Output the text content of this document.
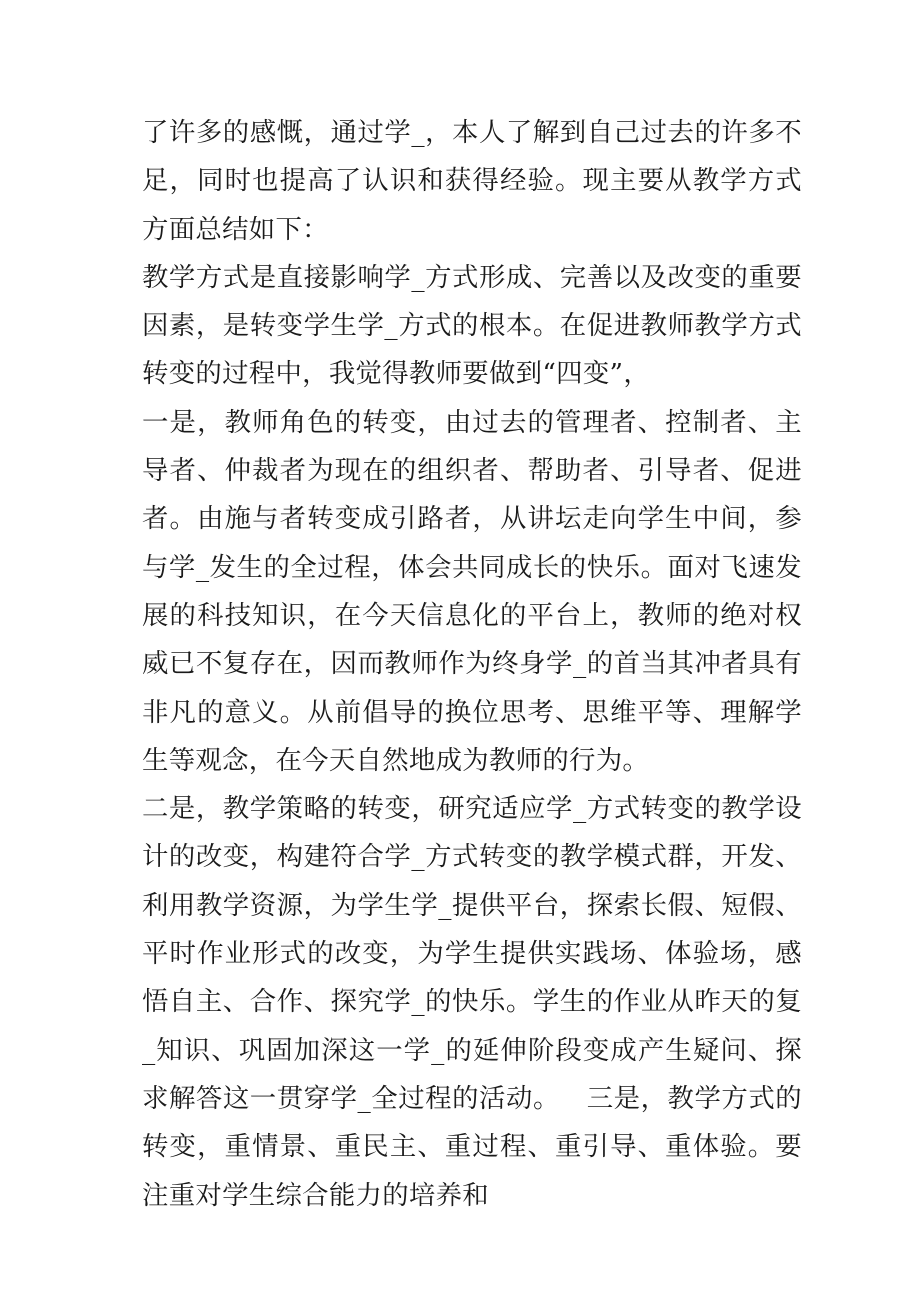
了许多的感慨，通过学_，本人了解到自己过去的许多不足，同时也提高了认识和获得经验。现主要从教学方式方面总结如下：

教学方式是直接影响学_方式形成、完善以及改变的重要因素，是转变学生学_方式的根本。在促进教师教学方式转变的过程中，我觉得教师要做到“四变”，

一是，教师角色的转变，由过去的管理者、控制者、主导者、仲裁者为现在的组织者、帮助者、引导者、促进者。由施与者转变成引路者，从讲坛走向学生中间，参与学_发生的全过程，体会共同成长的快乐。面对飞速发展的科技知识，在今天信息化的平台上，教师的绝对权威已不复存在，因而教师作为终身学_的首当其冲者具有非凡的意义。从前倡导的换位思考、思维平等、理解学生等观念，在今天自然地成为教师的行为。

二是，教学策略的转变，研究适应学_方式转变的教学设计的改变，构建符合学_方式转变的教学模式群，开发、利用教学资源，为学生学_提供平台，探索长假、短假、平时作业形式的改变，为学生提供实践场、体验场，感悟自主、合作、探究学_的快乐。学生的作业从昨天的复_知识、巩固加深这一学_的延伸阶段变成产生疑问、探求解答这一贯穿学_全过程的活动。   三是，教学方式的转变，重情景、重民主、重过程、重引导、重体验。要注重对学生综合能力的培养和
